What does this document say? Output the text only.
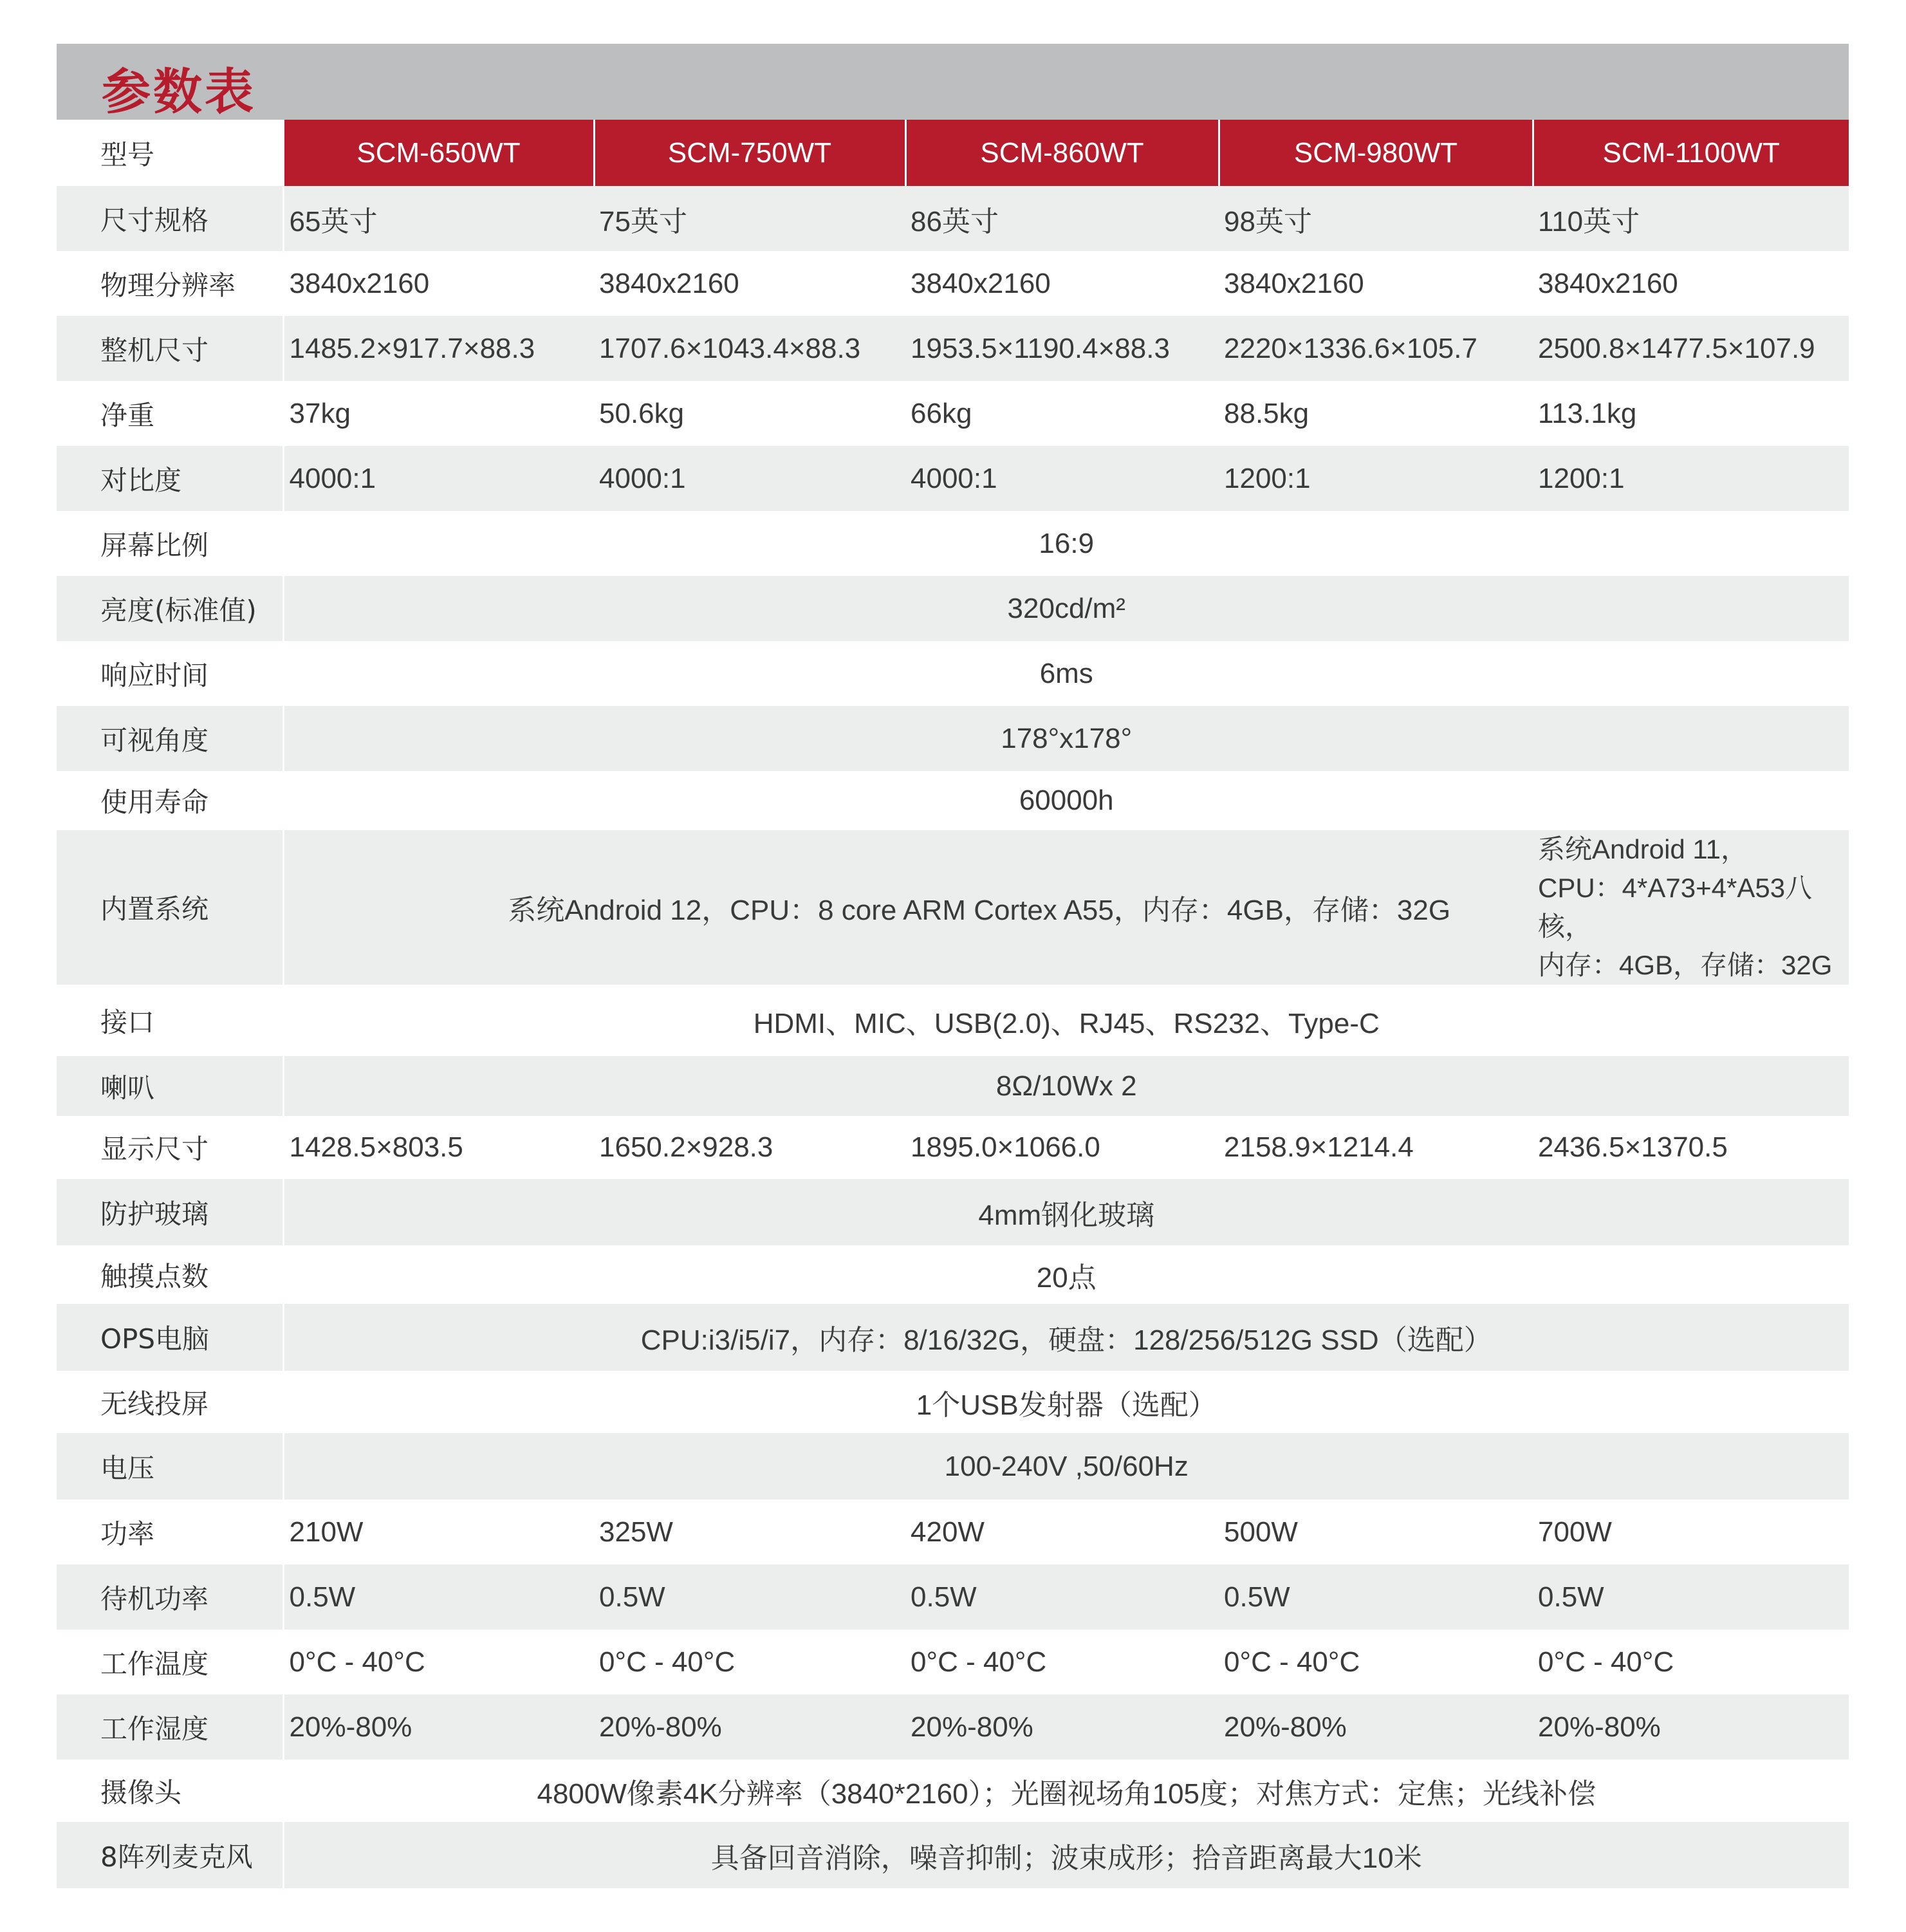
参数表
型号	SCM-650WT	SCM-750WT	SCM-860WT	SCM-980WT	SCM-1100WT
尺寸规格	65英寸	75英寸	86英寸	98英寸	110英寸
物理分辨率	3840x2160	3840x2160	3840x2160	3840x2160	3840x2160
整机尺寸	1485.2×917.7×88.3	1707.6×1043.4×88.3	1953.5×1190.4×88.3	2220×1336.6×105.7	2500.8×1477.5×107.9
净重	37kg	50.6kg	66kg	88.5kg	113.1kg
对比度	4000:1	4000:1	4000:1	1200:1	1200:1
屏幕比例	16:9				
亮度(标准值)	320cd/m²				
响应时间	6ms				
可视角度	178°x178°				
使用寿命	60000h				
内置系统	系统Android 12，CPU：8 core ARM Cortex A55，内存：4GB，存储：32G				系统Android 11，
CPU：4*A73+4*A53八核，
内存：4GB，存储：32G
接口	HDMI、MIC、USB(2.0)、RJ45、RS232、Type-C				
喇叭	8Ω/10Wx 2				
显示尺寸	1428.5×803.5	1650.2×928.3	1895.0×1066.0	2158.9×1214.4	2436.5×1370.5
防护玻璃	4mm钢化玻璃				
触摸点数	20点				
OPS电脑	CPU:i3/i5/i7，内存：8/16/32G，硬盘：128/256/512G SSD（选配）				
无线投屏	1个USB发射器（选配）				
电压	100-240V ,50/60Hz				
功率	210W	325W	420W	500W	700W
待机功率	0.5W	0.5W	0.5W	0.5W	0.5W
工作温度	0°C - 40°C	0°C - 40°C	0°C - 40°C	0°C - 40°C	0°C - 40°C
工作湿度	20%-80%	20%-80%	20%-80%	20%-80%	20%-80%
摄像头	4800W像素4K分辨率（3840*2160）；光圈视场角105度；对焦方式：定焦；光线补偿				
8阵列麦克风	具备回音消除，噪音抑制；波束成形；拾音距离最大10米				
